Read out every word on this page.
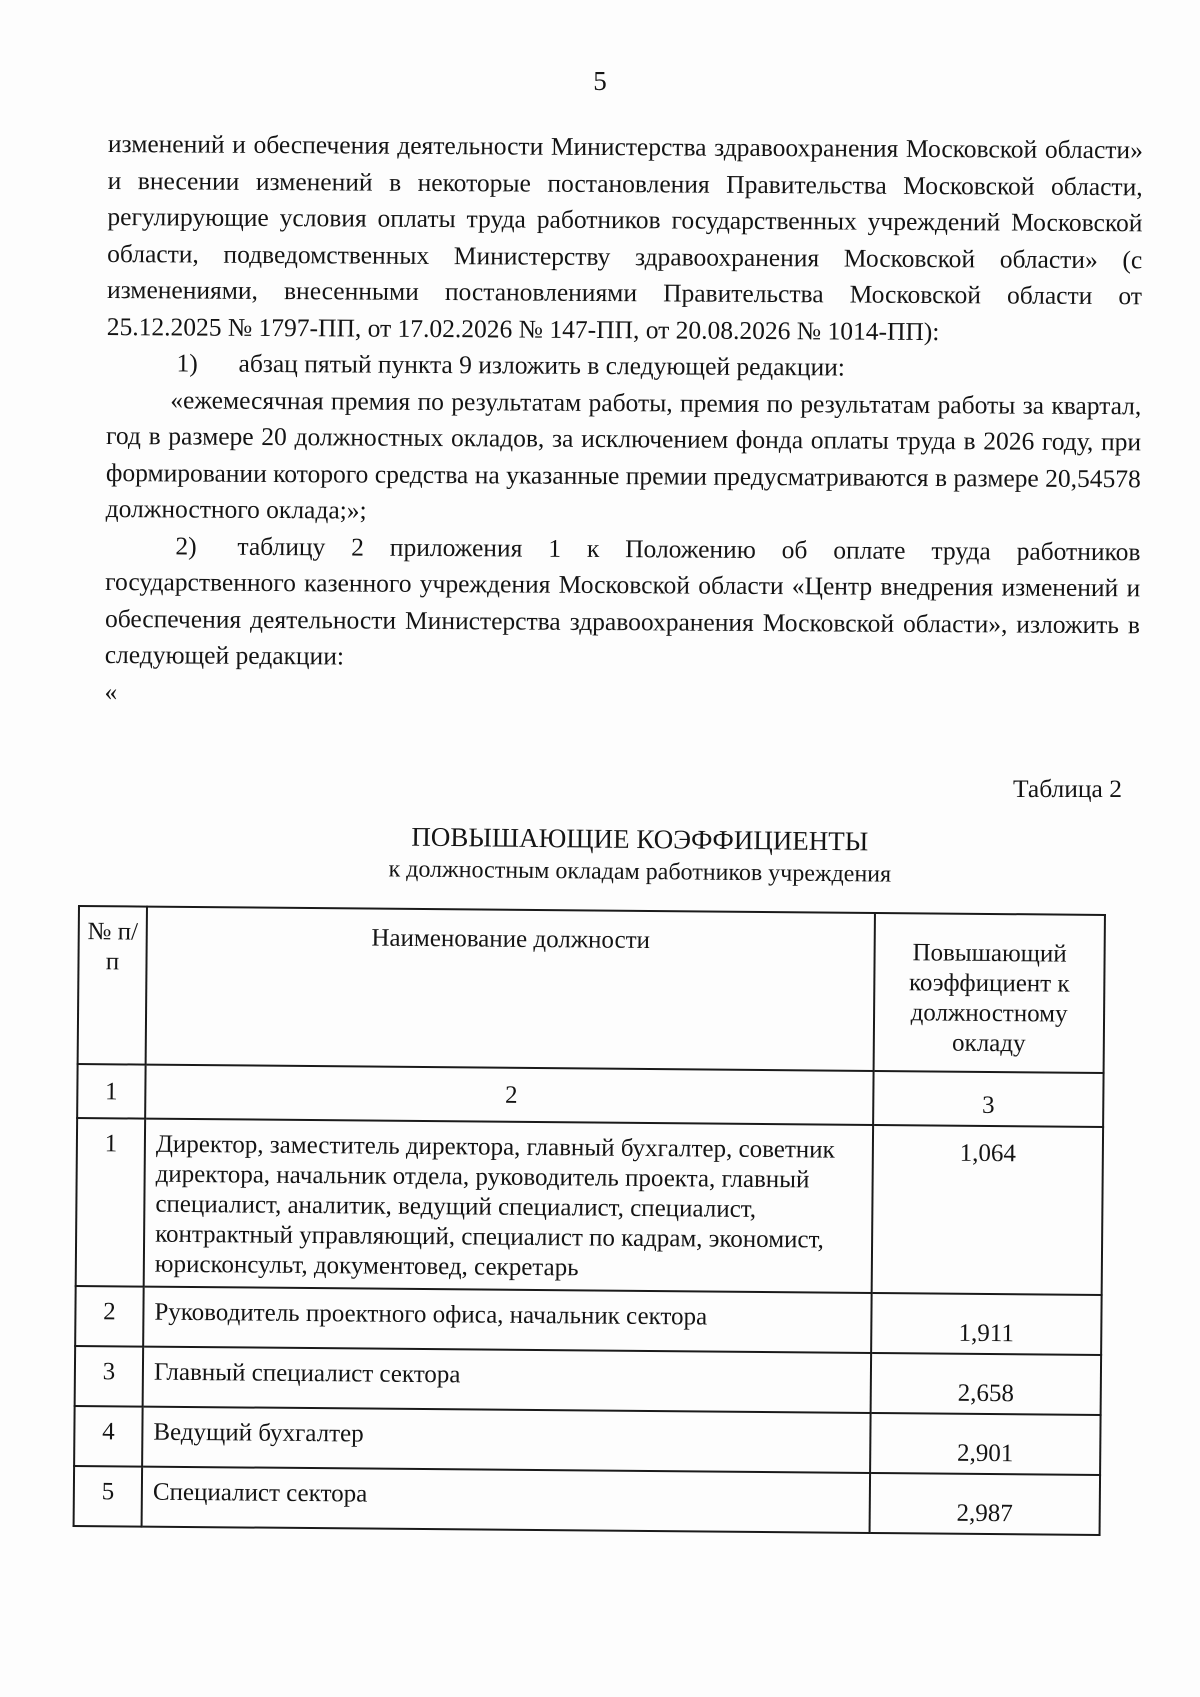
5

изменений и обеспечения деятельности Министерства здравоохранения Московской области» и внесении изменений в некоторые постановления Правительства Московской области, регулирующие условия оплаты труда работников государственных учреждений Московской области, подведомственных Министерству здравоохранения Московской области» (с изменениями, внесенными постановлениями Правительства Московской области от 25.12.2025 № 1797-ПП, от 17.02.2026 № 147-ПП, от 20.08.2026 № 1014-ПП):

1) абзац пятый пункта 9 изложить в следующей редакции:

«ежемесячная премия по результатам работы, премия по результатам работы за квартал, год в размере 20 должностных окладов, за исключением фонда оплаты труда в 2026 году, при формировании которого средства на указанные премии предусматриваются в размере 20,54578 должностного оклада;»;

2) таблицу 2 приложения 1 к Положению об оплате труда работников государственного казенного учреждения Московской области «Центр внедрения изменений и обеспечения деятельности Министерства здравоохранения Московской области», изложить в следующей редакции:

«

Таблица 2
ПОВЫШАЮЩИЕ КОЭФФИЦИЕНТЫ
к должностным окладам работников учреждения
№ п/п	Наименование должности	Повышающий коэффициент к должностному окладу
1	2	3
1	Директор, заместитель директора, главный бухгалтер, советник директора, начальник отдела, руководитель проекта, главный специалист, аналитик, ведущий специалист, специалист, контрактный управляющий, специалист по кадрам, экономист, юрисконсульт, документовед, секретарь	1,064
2	Руководитель проектного офиса, начальник сектора	1,911
3	Главный специалист сектора	2,658
4	Ведущий бухгалтер	2,901
5	Специалист сектора	2,987
